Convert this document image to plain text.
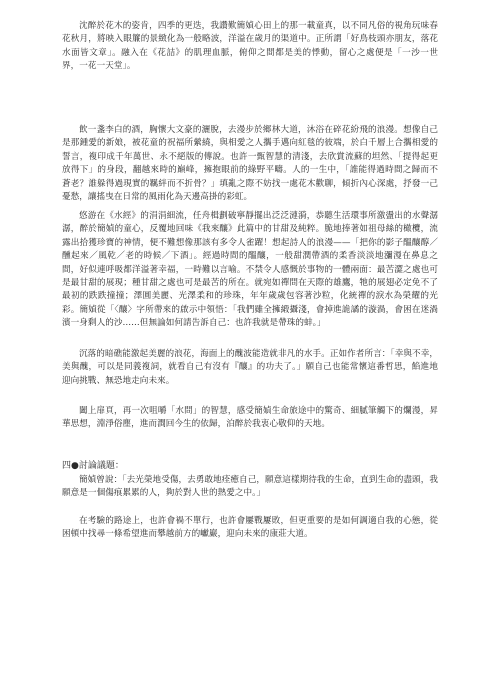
沈醉於花木的姿肯，四季的更迭，我讚歎簡媜心田上的那一載童真，以不同凡俗的視角玩味春花秋月，將映入眼簾的景緻化為一般略波，洋溢在歲月的渠道中。正所謂「好鳥枝頭亦朋友，落花水面皆文章」。融入在《花詰》的肌理血脈，俯仰之間都是美的悸動，留心之處便是「一沙一世界，一花一天堂」。

飲一盞李白的酒，胸懷大文豪的灑脫，去漫步於鄉林大道，沐浴在碎花紛飛的浪漫。想像自己是那鍾愛的新娘，被花童的祝福所縈繞，與相愛之人攜手邁向紅毯的彼端，於白千層上合攜相愛的誓言，複印成千年萬世、永不絕版的傳說。也許一甄智慧的清淺，去欣賞流蘇的坦然、「提得起更放得下」的身段，翻越來時的巔峰，擁抱眼前的綠野平疇。人的一生中，「誰能得過時間之歸而不蒼老？誰躲得過現實的羈絆而不折骨？」填亂之際不妨找一處花木歡聊，傾折內心深處，抒發一己憂愁，讓搖曳在日常的風雨化為天邊高掛的彩虹。

悠游在《水經》的涓涓細流，任舟楫劃破寧靜擺出泛泛漣漪，恭聽生活環事所激盪出的水聲潺潺，醉於簡媜的童心，反覆地回味《我來釀》此篇中的甘甜及純粹。脆地捧著如祖母絲的橄欖，流露出拾獲珍寶的神情，便不難想像那該有多令人雀躍！想起詩人的浪漫——「把你的影子醞釀醇／醺起來／風乾／老的時候／下酒」。經過時間的醞釀，一般甜潤帶酒的柔香淡淡地瀰漫在鼻息之間，好似連呼吸都洋溢著幸福，一時難以言喻。不禁令人感慨於事物的一體兩面：最苦澀之處也可是最甘甜的展現；種甘甜之處也可是最苦的所在。就宛如禪問在天際的雄鷹，牠的展翅必定免不了最初的跌跌撞撞；澤圓美麗、光澤柔和的珍珠，年年歲歲包容著沙粒，化統禪的淚水為榮耀的光彩。簡媜從「〈釀〉字所帶來的啟示中領悟：「我們雖全擁緞攝淺，會掉進詭譎的漩渦，會困在迷渦濱一身剩人的沙……但無論如何請告訴自己：也許我就是帶珠的蚌。」

沉落的暗礁能激起美麗的浪花，海面上的醜波能造就非凡的水手。正如作者所言：「幸與不幸，美與醜，可以是同義複詞，就看自己有沒有『釀』的功夫了。」願自己也能常懷這番哲思，餡進地迎向挑戰、無恐地走向未來。

闔上扉頁，再一次咀嚼「水問」的智慧，感受簡媜生命旅途中的驚奇、細膩筆觸下的爛漫，昇華思想，淵淨俗塵，進而澗回今生的依歸，泊醉於我衷心敬仰的天地。

四●討論議題：

簡媜曾說：「去光榮地受傷，去勇敢地痊癒自己，願意這樣期待我的生命，直到生命的盡頭，我願意是一個傷痕累累的人，夠於對人世的熱愛之中。」

在考驗的路途上，也許會禍不單行，也許會屢戰屢敗，但更重要的是如何調適自我的心態，從困頓中找尋一條希望進而攀越前方的巘巖，迎向未來的康莊大道。
